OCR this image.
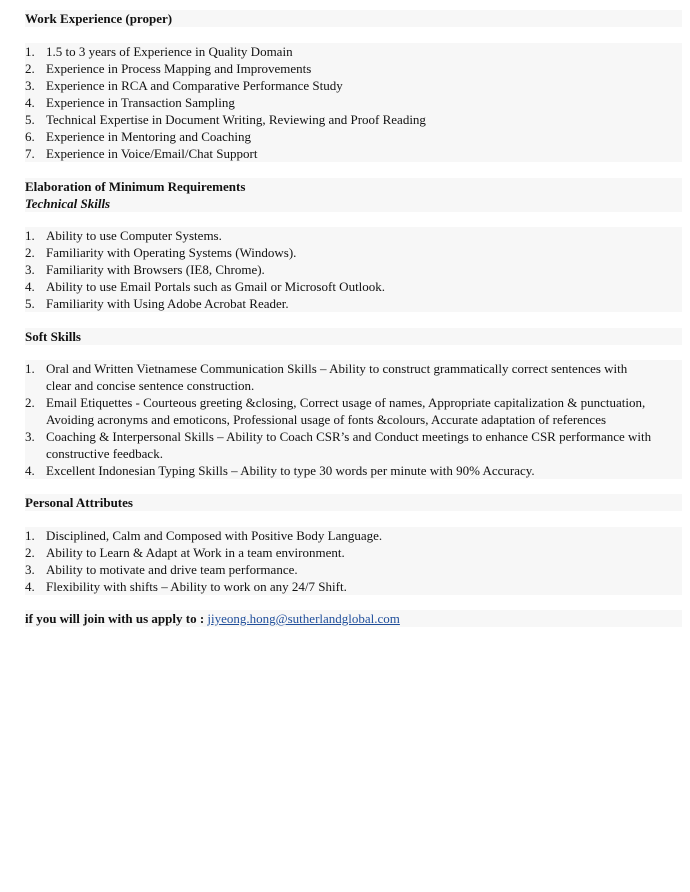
Work Experience (proper)
1. 1.5 to 3 years of Experience in Quality Domain
2. Experience in Process Mapping and Improvements
3. Experience in RCA and Comparative Performance Study
4. Experience in Transaction Sampling
5. Technical Expertise in Document Writing, Reviewing and Proof Reading
6. Experience in Mentoring and Coaching
7. Experience in Voice/Email/Chat Support
Elaboration of Minimum Requirements
Technical Skills
1. Ability to use Computer Systems.
2. Familiarity with Operating Systems (Windows).
3. Familiarity with Browsers (IE8, Chrome).
4. Ability to use Email Portals such as Gmail or Microsoft Outlook.
5. Familiarity with Using Adobe Acrobat Reader.
Soft Skills
1. Oral and Written Vietnamese Communication Skills – Ability to construct grammatically correct sentences with
clear and concise sentence construction.
2. Email Etiquettes - Courteous greeting &closing, Correct usage of names, Appropriate capitalization & punctuation,
Avoiding acronyms and emoticons, Professional usage of fonts &colours, Accurate adaptation of references
3. Coaching & Interpersonal Skills – Ability to Coach CSR’s and Conduct meetings to enhance CSR performance with
constructive feedback.
4. Excellent Indonesian Typing Skills – Ability to type 30 words per minute with 90% Accuracy.
Personal Attributes
1. Disciplined, Calm and Composed with Positive Body Language.
2. Ability to Learn & Adapt at Work in a team environment.
3. Ability to motivate and drive team performance.
4. Flexibility with shifts – Ability to work on any 24/7 Shift.
if you will join with us apply to : jiyeong.hong@sutherlandglobal.com
